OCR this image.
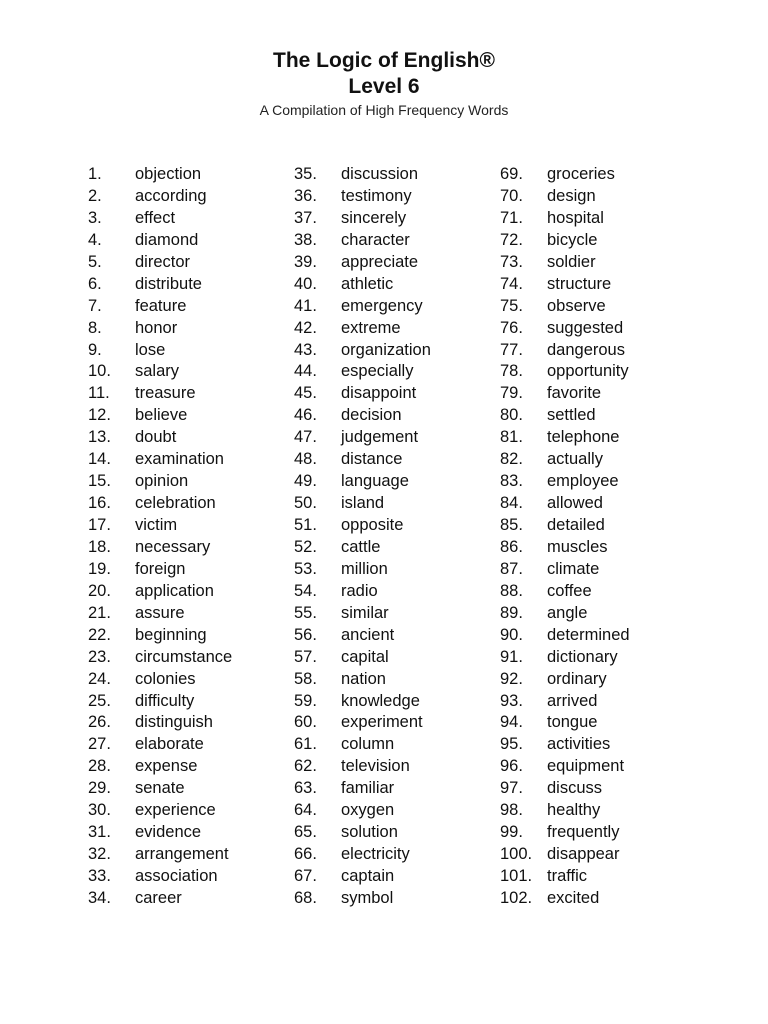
The Logic of English®
Level 6
A Compilation of High Frequency Words
1.	objection
2.	according
3.	effect
4.	diamond
5.	director
6.	distribute
7.	feature
8.	honor
9.	lose
10.	salary
11.	treasure
12.	believe
13.	doubt
14.	examination
15.	opinion
16.	celebration
17.	victim
18.	necessary
19.	foreign
20.	application
21.	assure
22.	beginning
23.	circumstance
24.	colonies
25.	difficulty
26.	distinguish
27.	elaborate
28.	expense
29.	senate
30.	experience
31.	evidence
32.	arrangement
33.	association
34.	career
35.	discussion
36.	testimony
37.	sincerely
38.	character
39.	appreciate
40.	athletic
41.	emergency
42.	extreme
43.	organization
44.	especially
45.	disappoint
46.	decision
47.	judgement
48.	distance
49.	language
50.	island
51.	opposite
52.	cattle
53.	million
54.	radio
55.	similar
56.	ancient
57.	capital
58.	nation
59.	knowledge
60.	experiment
61.	column
62.	television
63.	familiar
64.	oxygen
65.	solution
66.	electricity
67.	captain
68.	symbol
69.	groceries
70.	design
71.	hospital
72.	bicycle
73.	soldier
74.	structure
75.	observe
76.	suggested
77.	dangerous
78.	opportunity
79.	favorite
80.	settled
81.	telephone
82.	actually
83.	employee
84.	allowed
85.	detailed
86.	muscles
87.	climate
88.	coffee
89.	angle
90.	determined
91.	dictionary
92.	ordinary
93.	arrived
94.	tongue
95.	activities
96.	equipment
97.	discuss
98.	healthy
99.	frequently
100. disappear
101. traffic
102. excited
